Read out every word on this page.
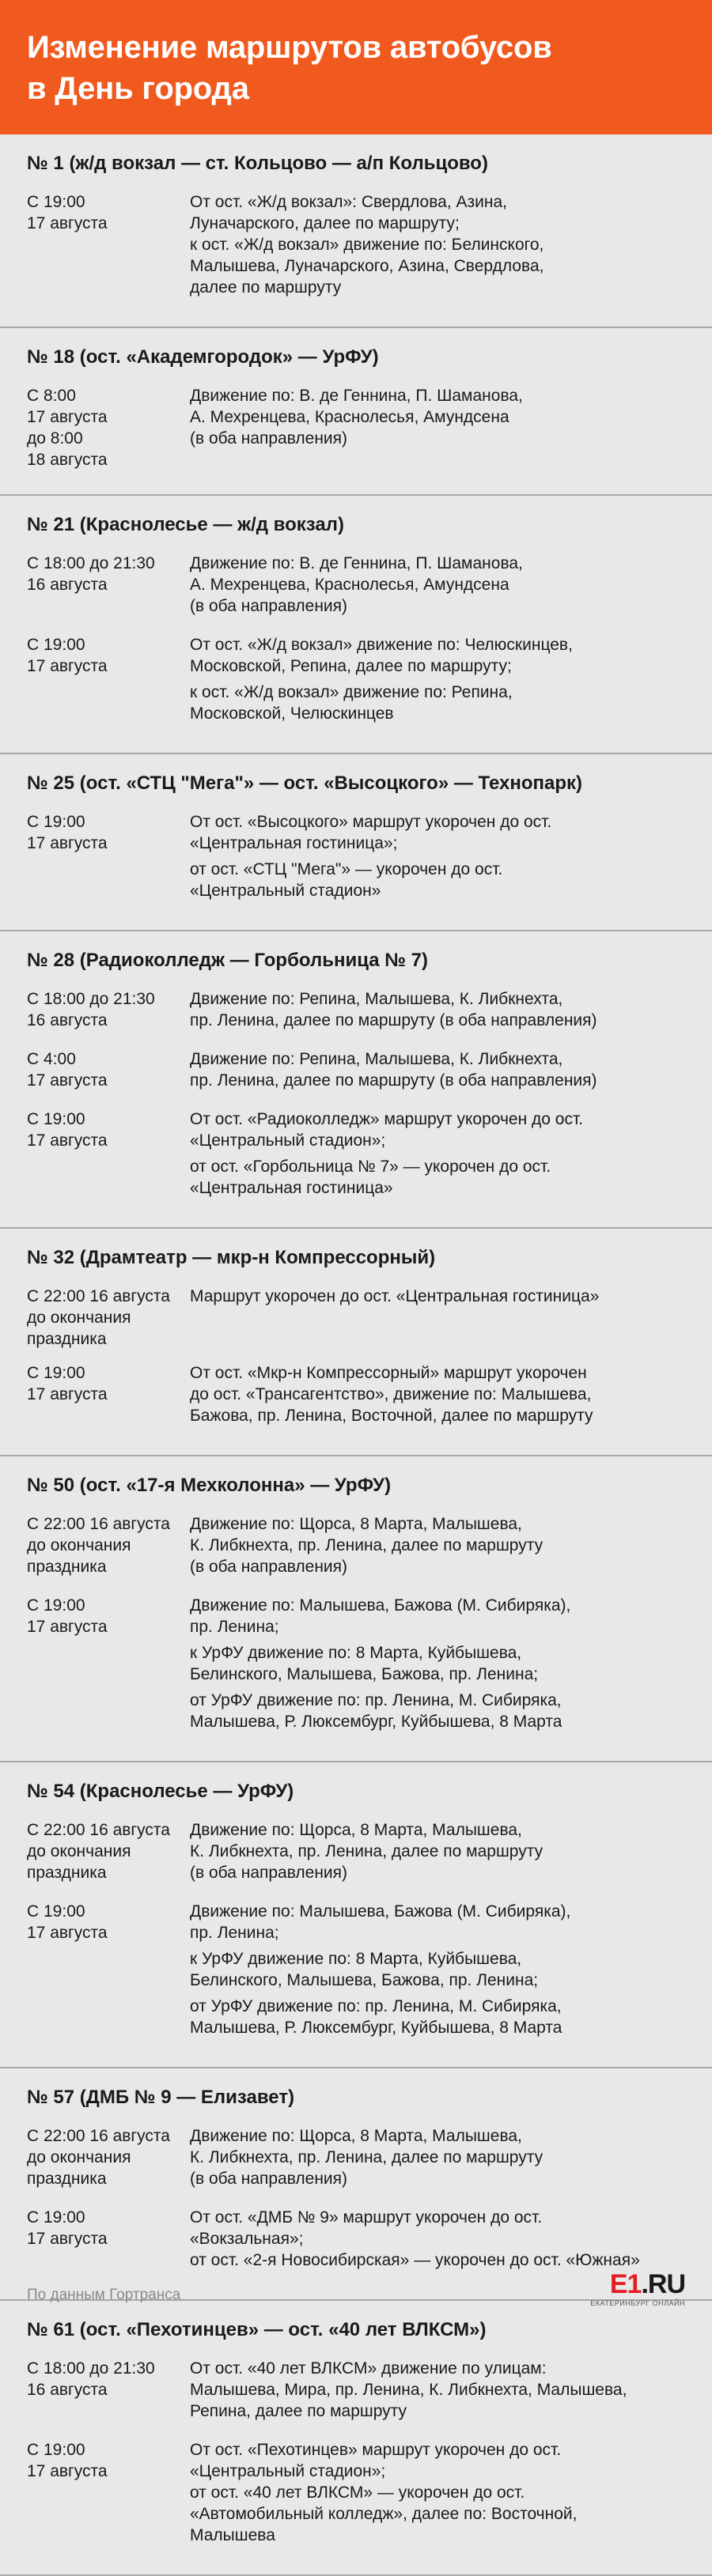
Изменение маршрутов автобусов
в День города
№ 1 (ж/д вокзал — ст. Кольцово — а/п Кольцово)
С 19:00
17 августа
От ост. «Ж/д вокзал»: Свердлова, Азина,
Луначарского, далее по маршруту;
к ост. «Ж/д вокзал» движение по: Белинского,
Малышева, Луначарского, Азина, Свердлова,
далее по маршруту
№ 18 (ост. «Академгородок» — УрФУ)
С 8:00
17 августа
до 8:00
18 августа
Движение по: В. де Геннина, П. Шаманова,
А. Мехренцева, Краснолесья, Амундсена
(в оба направления)
№ 21 (Краснолесье — ж/д вокзал)
С 18:00 до 21:30
16 августа
Движение по: В. де Геннина, П. Шаманова,
А. Мехренцева, Краснолесья, Амундсена
(в оба направления)
С 19:00
17 августа
От ост. «Ж/д вокзал» движение по: Челюскинцев,
Московской, Репина, далее по маршруту;
к ост. «Ж/д вокзал» движение по: Репина,
Московской, Челюскинцев
№ 25 (ост. «СТЦ "Мега"» — ост. «Высоцкого» — Технопарк)
С 19:00
17 августа
От ост. «Высоцкого» маршрут укорочен до ост.
«Центральная гостиница»;
от ост. «СТЦ "Мега"» — укорочен до ост.
«Центральный стадион»
№ 28 (Радиоколледж — Горбольница № 7)
С 18:00 до 21:30
16 августа
Движение по: Репина, Малышева, К. Либкнехта,
пр. Ленина, далее по маршруту (в оба направления)
С 4:00
17 августа
Движение по: Репина, Малышева, К. Либкнехта,
пр. Ленина, далее по маршруту (в оба направления)
С 19:00
17 августа
От ост. «Радиоколледж» маршрут укорочен до ост.
«Центральный стадион»;
от ост. «Горбольница № 7» — укорочен до ост.
«Центральная гостиница»
№ 32 (Драмтеатр — мкр-н Компрессорный)
С 22:00 16 августа
до окончания
праздника
Маршрут укорочен до ост. «Центральная гостиница»
С 19:00
17 августа
От ост. «Мкр-н Компрессорный» маршрут укорочен
до ост. «Трансагентство», движение по: Малышева,
Бажова, пр. Ленина, Восточной, далее по маршруту
№ 50 (ост. «17-я Мехколонна» — УрФУ)
С 22:00 16 августа
до окончания
праздника
Движение по: Щорса, 8 Марта, Малышева,
К. Либкнехта, пр. Ленина, далее по маршруту
(в оба направления)
С 19:00
17 августа
Движение по: Малышева, Бажова (М. Сибиряка),
пр. Ленина;
к УрФУ движение по: 8 Марта, Куйбышева,
Белинского, Малышева, Бажова, пр. Ленина;
от УрФУ движение по: пр. Ленина, М. Сибиряка,
Малышева, Р. Люксембург, Куйбышева, 8 Марта
№ 54 (Краснолесье — УрФУ)
С 22:00 16 августа
до окончания
праздника
Движение по: Щорса, 8 Марта, Малышева,
К. Либкнехта, пр. Ленина, далее по маршруту
(в оба направления)
С 19:00
17 августа
Движение по: Малышева, Бажова (М. Сибиряка),
пр. Ленина;
к УрФУ движение по: 8 Марта, Куйбышева,
Белинского, Малышева, Бажова, пр. Ленина;
от УрФУ движение по: пр. Ленина, М. Сибиряка,
Малышева, Р. Люксембург, Куйбышева, 8 Марта
№ 57 (ДМБ № 9 — Елизавет)
С 22:00 16 августа
до окончания
праздника
Движение по: Щорса, 8 Марта, Малышева,
К. Либкнехта, пр. Ленина, далее по маршруту
(в оба направления)
С 19:00
17 августа
От ост. «ДМБ № 9» маршрут укорочен до ост.
«Вокзальная»;
от ост. «2-я Новосибирская» — укорочен до ост. «Южная»
№ 61 (ост. «Пехотинцев» — ост. «40 лет ВЛКСМ»)
С 18:00 до 21:30
16 августа
От ост. «40 лет ВЛКСМ» движение по улицам:
Малышева, Мира, пр. Ленина, К. Либкнехта, Малышева,
Репина, далее по маршруту
С 19:00
17 августа
От ост. «Пехотинцев» маршрут укорочен до ост.
«Центральный стадион»;
от ост. «40 лет ВЛКСМ» — укорочен до ост.
«Автомобильный колледж», далее по: Восточной,
Малышева
По данным Гортранса	E1.RU
ЕКАТЕРИНБУРГ ОНЛАЙН
